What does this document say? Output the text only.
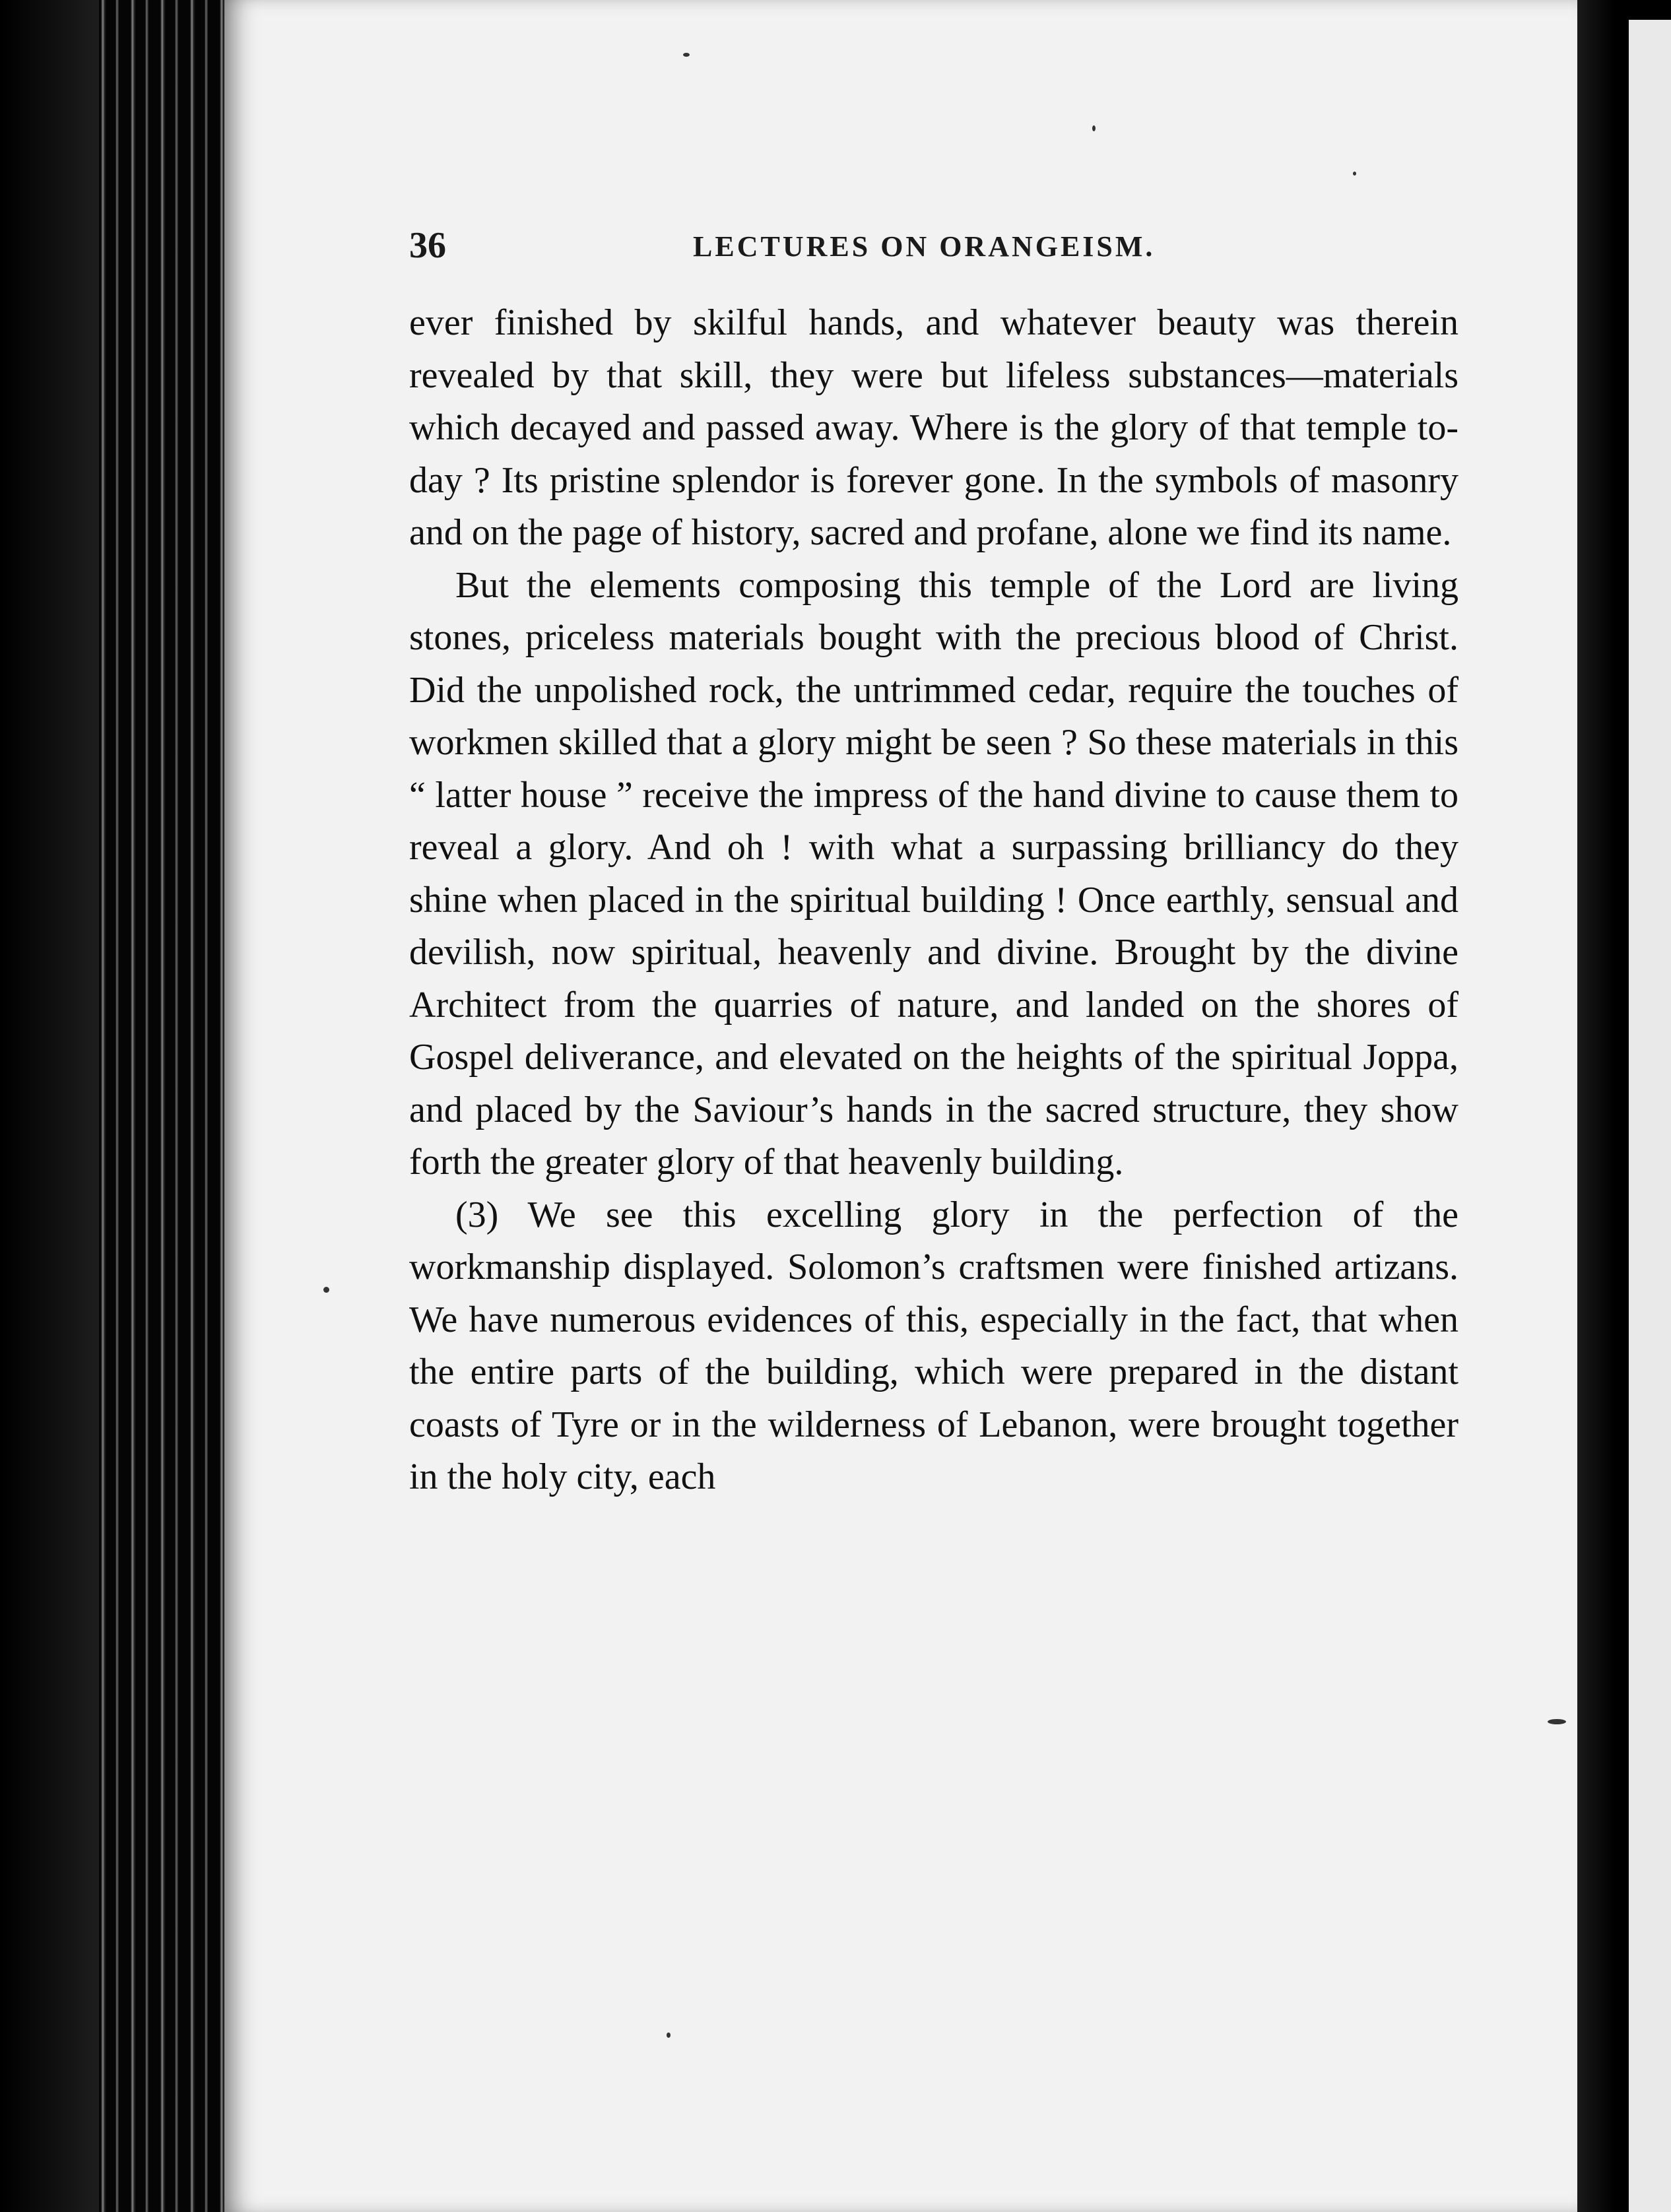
36	LECTURES ON ORANGEISM.

ever finished by skilful hands, and whatever beauty was therein revealed by that skill, they were but lifeless substances—materials which decayed and passed away. Where is the glory of that temple to-day ? Its pristine splendor is forever gone. In the symbols of masonry and on the page of history, sacred and profane, alone we find its name.

But the elements composing this temple of the Lord are living stones, priceless materials bought with the precious blood of Christ. Did the unpolished rock, the untrimmed cedar, require the touches of workmen skilled that a glory might be seen ? So these materials in this “ latter house ” receive the impress of the hand divine to cause them to reveal a glory. And oh ! with what a surpassing brilliancy do they shine when placed in the spiritual building ! Once earthly, sensual and devilish, now spiritual, heavenly and divine. Brought by the divine Architect from the quarries of nature, and landed on the shores of Gospel deliverance, and elevated on the heights of the spiritual Joppa, and placed by the Saviour’s hands in the sacred structure, they show forth the greater glory of that heavenly building.

(3) We see this excelling glory in the perfection of the workmanship displayed. Solomon’s craftsmen were finished artizans. We have numerous evidences of this, especially in the fact, that when the entire parts of the building, which were prepared in the distant coasts of Tyre or in the wilderness of Lebanon, were brought together in the holy city, each
